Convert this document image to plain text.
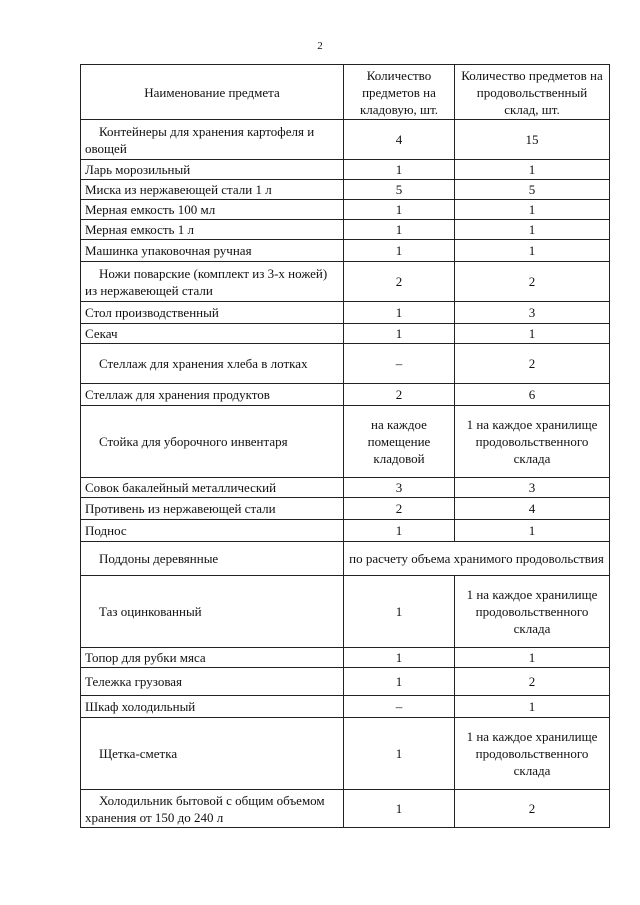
2
Наименование предмета	Количество предметов на кладовую, шт.	Количество предметов на продовольственный склад, шт.
Контейнеры для хранения картофеля и овощей	4	15
Ларь морозильный	1	1
Миска из нержавеющей стали 1 л	5	5
Мерная емкость 100 мл	1	1
Мерная емкость 1 л	1	1
Машинка упаковочная ручная	1	1
Ножи поварские (комплект из 3-х ножей) из нержавеющей стали	2	2
Стол производственный	1	3
Секач	1	1
Стеллаж для хранения хлеба в лотках	–	2
Стеллаж для хранения продуктов	2	6
Стойка для уборочного инвентаря	на каждое помещение кладовой	1 на каждое хранилище продовольственного склада
Совок бакалейный металлический	3	3
Противень из нержавеющей стали	2	4
Поднос	1	1
Поддоны деревянные	по расчету объема хранимого продовольствия	
Таз оцинкованный	1	1 на каждое хранилище продовольственного склада
Топор для рубки мяса	1	1
Тележка грузовая	1	2
Шкаф холодильный	–	1
Щетка-сметка	1	1 на каждое хранилище продовольственного склада
Холодильник бытовой с общим объемом хранения от 150 до 240 л	1	2
